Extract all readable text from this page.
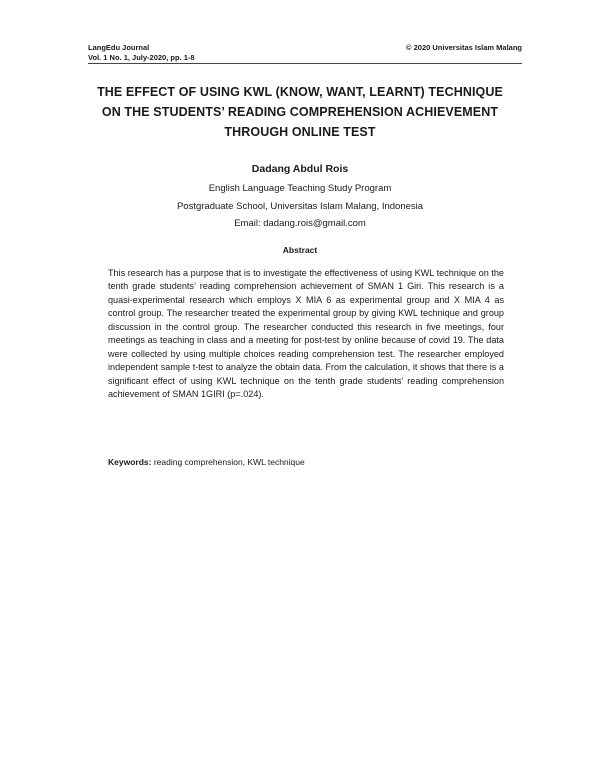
LangEdu Journal
Vol. 1 No. 1, July-2020, pp. 1-8
© 2020 Universitas Islam Malang
THE EFFECT OF USING KWL (KNOW, WANT, LEARNT) TECHNIQUE
ON THE STUDENTS’ READING COMPREHENSION ACHIEVEMENT
THROUGH ONLINE TEST
Dadang Abdul Rois
English Language Teaching Study Program
Postgraduate School, Universitas Islam Malang, Indonesia
Email: dadang.rois@gmail.com
Abstract

This research has a purpose that is to investigate the effectiveness of using KWL technique on the tenth grade students’ reading comprehension achievement of SMAN 1 Giri. This research is a quasi-experimental research which employs X MIA 6 as experimental group and X MIA 4 as control group. The researcher treated the experimental group by giving KWL technique and group discussion in the control group. The researcher conducted this research in five meetings, four meetings as teaching in class and a meeting for post-test by online because of covid 19. The data were collected by using multiple choices reading comprehension test. The researcher employed independent sample t-test to analyze the obtain data. From the calculation, it shows that there is a significant effect of using KWL technique on the tenth grade students’ reading comprehension achievement of SMAN 1GIRI (p=.024).

Keywords: reading comprehension, KWL technique
